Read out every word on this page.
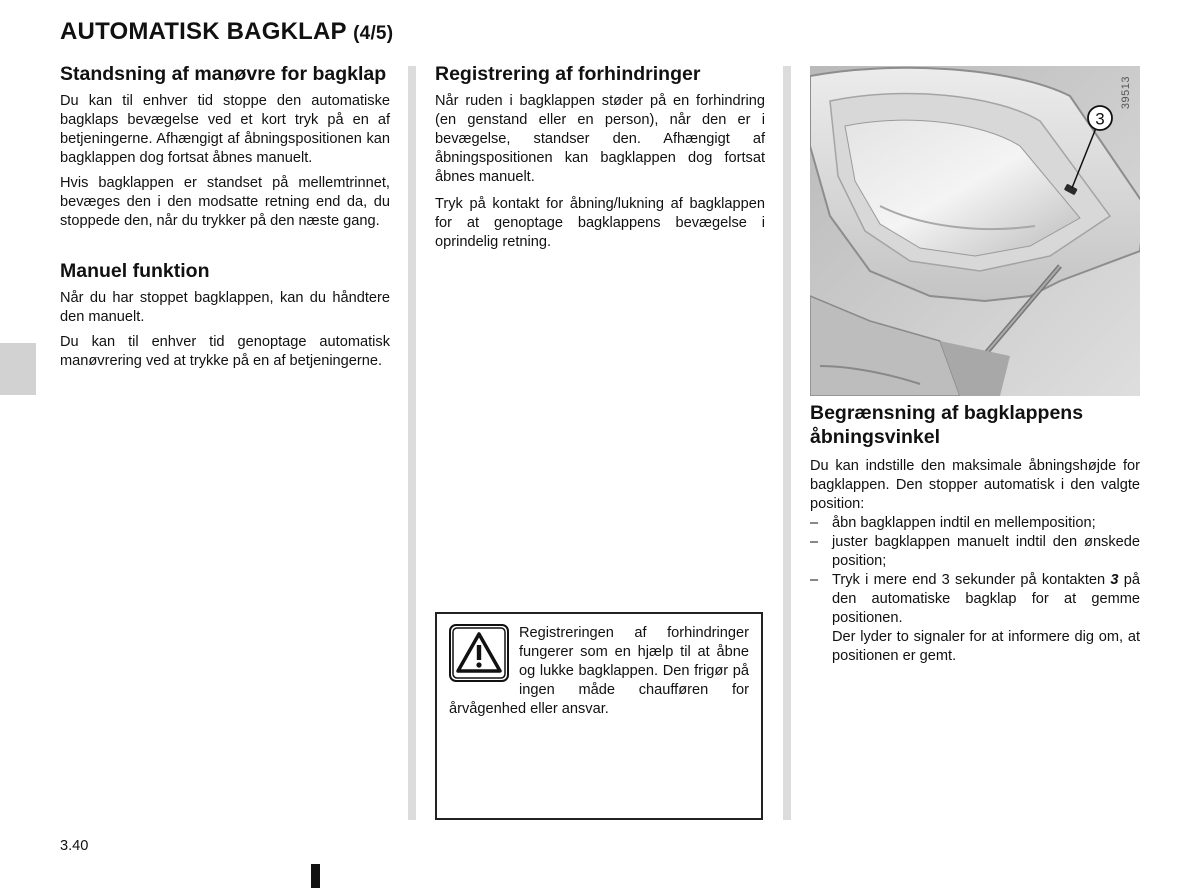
AUTOMATISK BAGKLAP (4/5)
Standsning af manøvre for bagklap

Du kan til enhver tid stoppe den automatiske bagklaps bevægelse ved et kort tryk på en af betjeningerne. Afhængigt af åbningspositionen kan bagklappen dog fortsat åbnes manuelt.

Hvis bagklappen er standset på mellemtrinnet, bevæges den i den modsatte retning end da, du stoppede den, når du trykker på den næste gang.

Manuel funktion

Når du har stoppet bagklappen, kan du håndtere den manuelt.

Du kan til enhver tid genoptage automatisk manøvrering ved at trykke på en af betjeningerne.

Registrering af forhindringer

Når ruden i bagklappen støder på en forhindring (en genstand eller en person), når den er i bevægelse, standser den. Afhængigt af åbningspositionen kan bagklappen dog fortsat åbnes manuelt.

Tryk på kontakt for åbning/lukning af bagklappen for at genoptage bagklappens bevægelse i oprindelig retning.

Registreringen af forhindringer fungerer som en hjælp til at åbne og lukke bagklappen. Den frigør på ingen måde chaufføren for årvågenhed eller ansvar.

3
39513
Begrænsning af bagklappens åbningsvinkel

Du kan indstille den maksimale åbningshøjde for bagklappen. Den stopper automatisk i den valgte position:

– åbn bagklappen indtil en mellemposition;
– juster bagklappen manuelt indtil den ønskede position;
– Tryk i mere end 3 sekunder på kontakten 3 på den automatiske bagklap for at gemme positionen.
Der lyder to signaler for at informere dig om, at positionen er gemt.
3.40
